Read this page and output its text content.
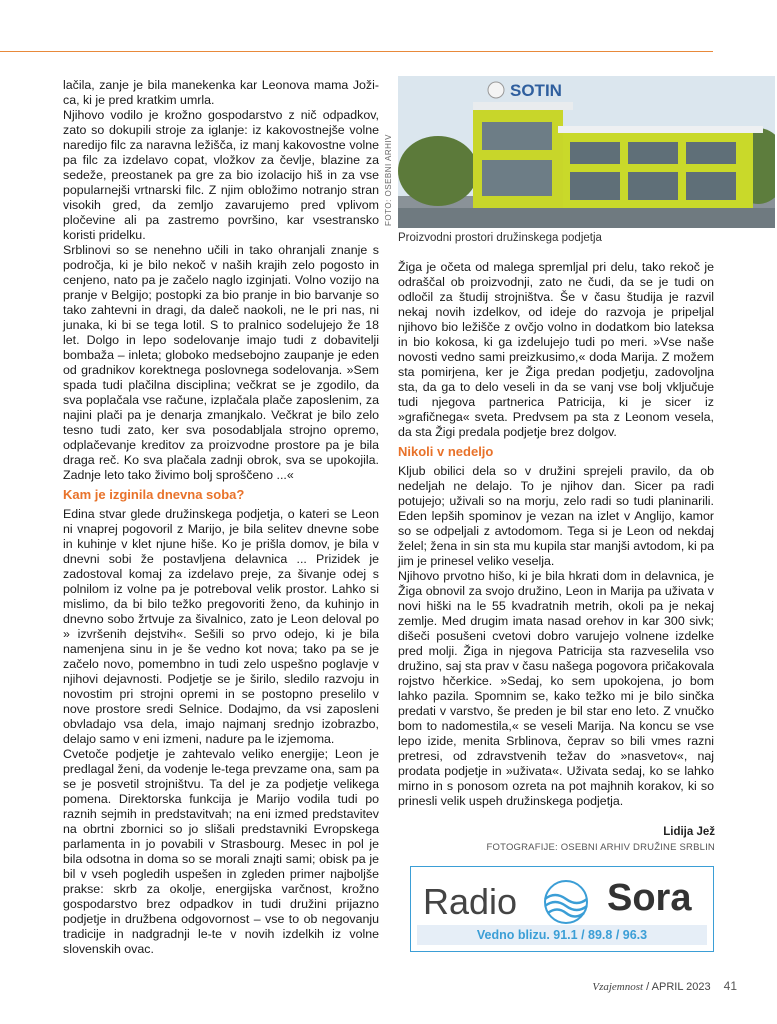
lačila, zanje je bila manekenka kar Leonova mama Joži-ca, ki je pred kratkim umrla.

Njihovo vodilo je krožno gospodarstvo z nič odpadkov, zato so dokupili stroje za iglanje: iz kakovostnejše volne naredijo filc za naravna ležišča, iz manj kakovostne volne pa filc za izdelavo copat, vložkov za čevlje, blazine za sedeže, preostanek pa gre za bio izolacijo hiš in za vse popularnejši vrtnarski filc. Z njim obložimo notranjo stran visokih gred, da zemljo zavarujemo pred vplivom pločevine ali pa zastremo površino, kar vsestransko koristi pridelku.

Srblinovi so se nenehno učili in tako ohranjali znanje s področja, ki je bilo nekoč v naših krajih zelo pogosto in cenjeno, nato pa je začelo naglo izginjati. Volno vozijo na pranje v Belgijo; postopki za bio pranje in bio barvanje so tako zahtevni in dragi, da daleč naokoli, ne le pri nas, ni junaka, ki bi se tega lotil. S to pralnico sodelujejo že 18 let. Dolgo in lepo sodelovanje imajo tudi z dobavitelji bombaža – inleta; globoko medsebojno zaupanje je eden od gradnikov korektnega poslovnega sodelovanja. »Sem spada tudi plačilna disciplina; večkrat se je zgodilo, da sva poplačala vse račune, izplačala plače zaposlenim, za najini plači pa je denarja zmanjkalo. Večkrat je bilo zelo tesno tudi zato, ker sva posodabljala strojno opremo, odplačevanje kreditov za proizvodne prostore pa je bila draga reč. Ko sva plačala zadnji obrok, sva se upokojila. Zadnje leto tako živimo bolj sproščeno ...«

Kam je izginila dnevna soba?

Edina stvar glede družinskega podjetja, o kateri se Leon ni vnaprej pogovoril z Marijo, je bila selitev dnevne sobe in kuhinje v klet njune hiše. Ko je prišla domov, je bila v dnevni sobi že postavljena delavnica ... Prizidek je zadostoval komaj za izdelavo preje, za šivanje odej s polnilom iz volne pa je potreboval velik prostor. Lahko si mislimo, da bi bilo težko pregovoriti ženo, da kuhinjo in dnevno sobo žrtvuje za šivalnico, zato je Leon deloval po » izvršenih dejstvih«. Sešili so prvo odejo, ki je bila namenjena sinu in je še vedno kot nova; tako pa se je začelo novo, pomembno in tudi zelo uspešno poglavje v njihovi dejavnosti. Podjetje se je širilo, sledilo razvoju in novostim pri strojni opremi in se postopno preselilo v nove prostore sredi Selnice. Dodajmo, da vsi zaposleni obvladajo vsa dela, imajo najmanj srednjo izobrazbo, delajo samo v eni izmeni, nadure pa le izjemoma.

Cvetoče podjetje je zahtevalo veliko energije; Leon je predlagal ženi, da vodenje le-tega prevzame ona, sam pa se je posvetil strojništvu. Ta del je za podjetje velikega pomena. Direktorska funkcija je Marijo vodila tudi po raznih sejmih in predstavitvah; na eni izmed predstavitev na obrtni zbornici so jo slišali predstavniki Evropskega parlamenta in jo povabili v Strasbourg. Mesec in pol je bila odsotna in doma so se morali znajti sami; obisk pa je bil v vseh pogledih uspešen in zgleden primer najboljše prakse: skrb za okolje, energijska varčnost, krožno gospodarstvo brez odpadkov in tudi družini prijazno podjetje in družbena odgovornost – vse to ob negovanju tradicije in nadgradnji le-te v novih izdelkih iz volne slovenskih ovac.

SOTIN
FOTO: OSEBNI ARHIV
Proizvodni prostori družinskega podjetja

Žiga je očeta od malega spremljal pri delu, tako rekoč je odraščal ob proizvodnji, zato ne čudi, da se je tudi on odločil za študij strojništva. Še v času študija je razvil nekaj novih izdelkov, od ideje do razvoja je pripeljal njihovo bio ležišče z ovčjo volno in dodatkom bio lateksa in bio kokosa, ki ga izdelujejo tudi po meri. »Vse naše novosti vedno sami preizkusimo,« doda Marija. Z možem sta pomirjena, ker je Žiga predan podjetju, zadovoljna sta, da ga to delo veseli in da se vanj vse bolj vključuje tudi njegova partnerica Patricija, ki je sicer iz »grafičnega« sveta. Predvsem pa sta z Leonom vesela, da sta Žigi predala podjetje brez dolgov.

Nikoli v nedeljo

Kljub obilici dela so v družini sprejeli pravilo, da ob nedeljah ne delajo. To je njihov dan. Sicer pa radi potujejo; uživali so na morju, zelo radi so tudi planinarili. Eden lepših spominov je vezan na izlet v Anglijo, kamor so se odpeljali z avtodomom. Tega si je Leon od nekdaj želel; žena in sin sta mu kupila star manjši avtodom, ki pa jim je prinesel veliko veselja.

Njihovo prvotno hišo, ki je bila hkrati dom in delavnica, je Žiga obnovil za svojo družino, Leon in Marija pa uživata v novi hiški na le 55 kvadratnih metrih, okoli pa je nekaj zemlje. Med drugim imata nasad orehov in kar 300 sivk; dišeči posušeni cvetovi dobro varujejo volnene izdelke pred molji. Žiga in njegova Patricija sta razveselila vso družino, saj sta prav v času našega pogovora pričakovala rojstvo hčerkice. »Sedaj, ko sem upokojena, jo bom lahko pazila. Spomnim se, kako težko mi je bilo sinčka predati v varstvo, še preden je bil star eno leto. Z vnučko bom to nadomestila,« se veseli Marija. Na koncu se vse lepo izide, menita Srblinova, čeprav so bili vmes razni pretresi, od zdravstvenih težav do »nasvetov«, naj prodata podjetje in »uživata«. Uživata sedaj, ko se lahko mirno in s ponosom ozreta na pot majhnih korakov, ki so prinesli velik uspeh družinskega podjetja.

Lidija Jež
FOTOGRAFIJE: OSEBNI ARHIV DRUŽINE SRBLIN
Radio Sora
Vedno blizu. 91.1 / 89.8 / 96.3
Vzajemnost / APRIL 2023 41
